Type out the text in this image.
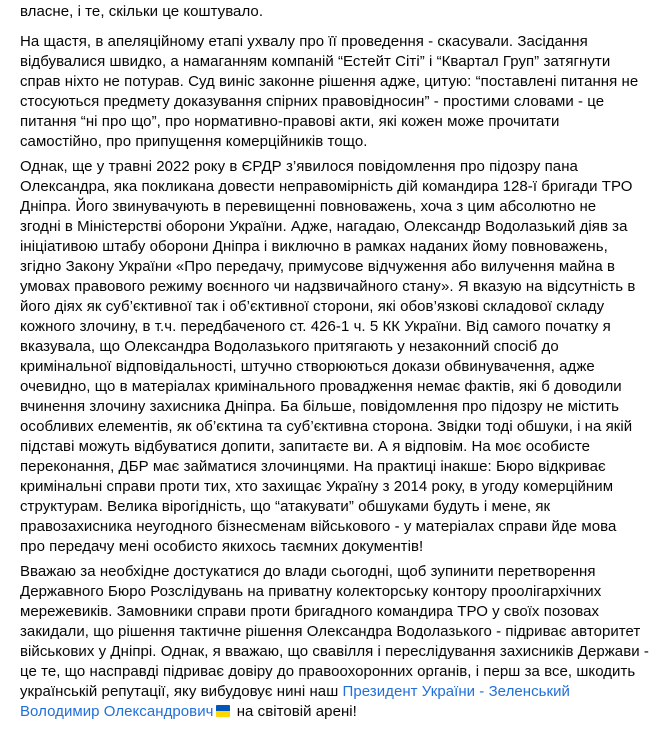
власне, і те, скільки це коштувало.

На щастя, в апеляційному етапі ухвалу про її проведення - скасували. Засідання
відбувалися швидко, а намаганням компаній “Естейт Сіті” і “Квартал Груп” затягнути
справ ніхто не потурав. Суд виніс законне рішення адже, цитую: “поставлені питання не
стосуються предмету доказування спірних правовідносин” - простими словами - це
питання “ні про що”, про нормативно-правові акти, які кожен може прочитати
самостійно, про припущення комерційників тощо.

Однак, ще у травні 2022 року в ЄРДР з’явилося повідомлення про підозру пана
Олександра, яка покликана довести неправомірність дій командира 128-ї бригади ТРО
Дніпра. Його звинувачують в перевищенні повноважень, хоча з цим абсолютно не
згодні в Міністерстві оборони України. Адже, нагадаю, Олександр Водолазький діяв за
ініціативою штабу оборони Дніпра і виключно в рамках наданих йому повноважень,
згідно Закону України «Про передачу, примусове відчуження або вилучення майна в
умовах правового режиму воєнного чи надзвичайного стану». Я вказую на відсутність в
його діях як суб’єктивної так і об’єктивної сторони, які обов’язкові складової складу
кожного злочину, в т.ч. передбаченого ст. 426-1 ч. 5 КК України. Від самого початку я
вказувала, що Олександра Водолазького притягають у незаконний спосіб до
кримінальної відповідальності, штучно створюються докази обвинувачення, адже
очевидно, що в матеріалах кримінального провадження немає фактів, які б доводили
вчинення злочину захисника Дніпра. Ба більше, повідомлення про підозру не містить
особливих елементів, як об’єктина та суб’єктивна сторона. Звідки тоді обшуки, і на якій
підставі можуть відбуватися допити, запитаєте ви. А я відповім. На моє особисте
переконання, ДБР має займатися злочинцями. На практиці інакше: Бюро відкриває
кримінальні справи проти тих, хто захищає Україну з 2014 року, в угоду комерційним
структурам. Велика вірогідність, що “атакувати” обшуками будуть і мене, як
правозахисника неугодного бізнесменам військового - у матеріалах справи йде мова
про передачу мені особисто якихось таємних документів!

Вважаю за необхідне достукатися до влади сьогодні, щоб зупинити перетворення
Державного Бюро Розслідувань на приватну колекторську контору проолігархічних
мережевиків. Замовники справи проти бригадного командира ТРО у своїх позовах
закидали, що рішення тактичне рішення Олександра Водолазького - підриває авторитет
військових у Дніпрі. Однак, я вважаю, що свавілля і переслідування захисників Держави -
це те, що насправді підриває довіру до правоохоронних органів, і перш за все, шкодить
українській репутації, яку вибудовує нині наш Президент України - Зеленський
Володимир Олександрович
на світовій арені!
